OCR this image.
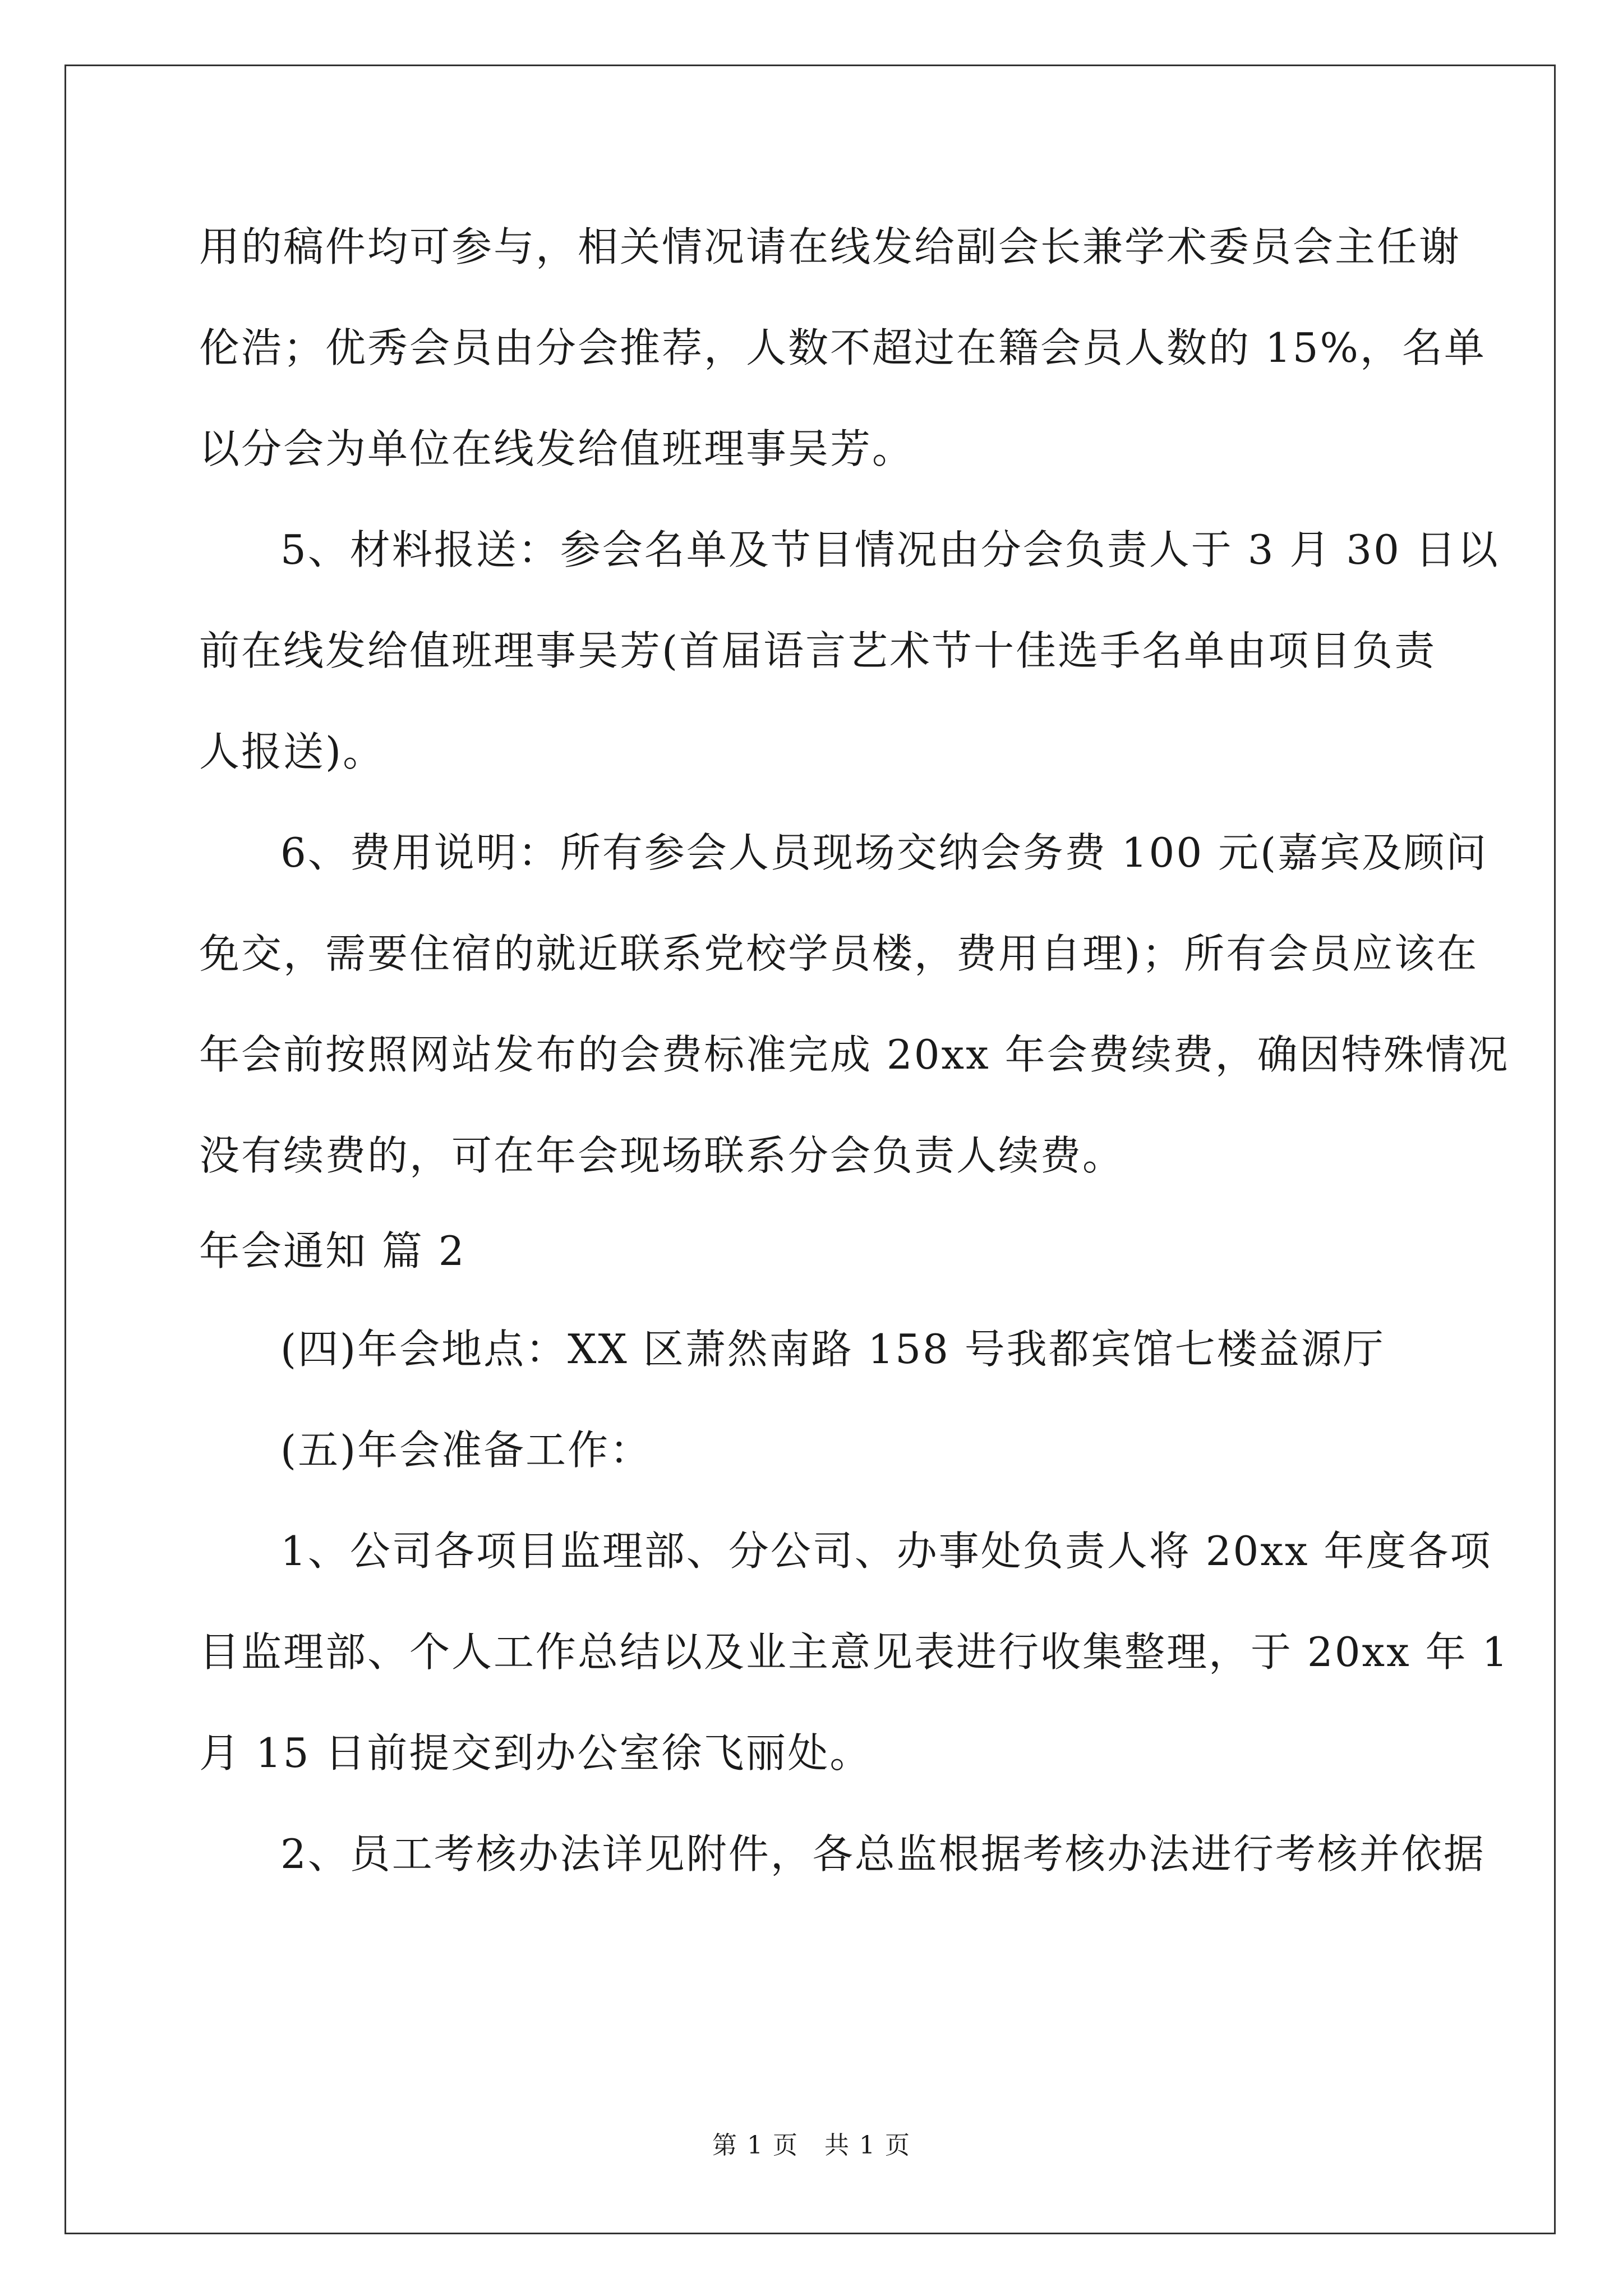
用的稿件均可参与，相关情况请在线发给副会长兼学术委员会主任谢
伦浩；优秀会员由分会推荐，人数不超过在籍会员人数的 15%，名单
以分会为单位在线发给值班理事吴芳。
5、材料报送：参会名单及节目情况由分会负责人于 3 月 30 日以
前在线发给值班理事吴芳(首届语言艺术节十佳选手名单由项目负责
人报送)。
6、费用说明：所有参会人员现场交纳会务费 100 元(嘉宾及顾问
免交，需要住宿的就近联系党校学员楼，费用自理)；所有会员应该在
年会前按照网站发布的会费标准完成 20xx 年会费续费，确因特殊情况
没有续费的，可在年会现场联系分会负责人续费。
年会通知 篇 2
(四)年会地点：XX 区萧然南路 158 号我都宾馆七楼益源厅
(五)年会准备工作：
1、公司各项目监理部、分公司、办事处负责人将 20xx 年度各项
目监理部、个人工作总结以及业主意见表进行收集整理，于 20xx 年 1
月 15 日前提交到办公室徐飞丽处。
2、员工考核办法详见附件，各总监根据考核办法进行考核并依据
第 1 页　共 1 页
